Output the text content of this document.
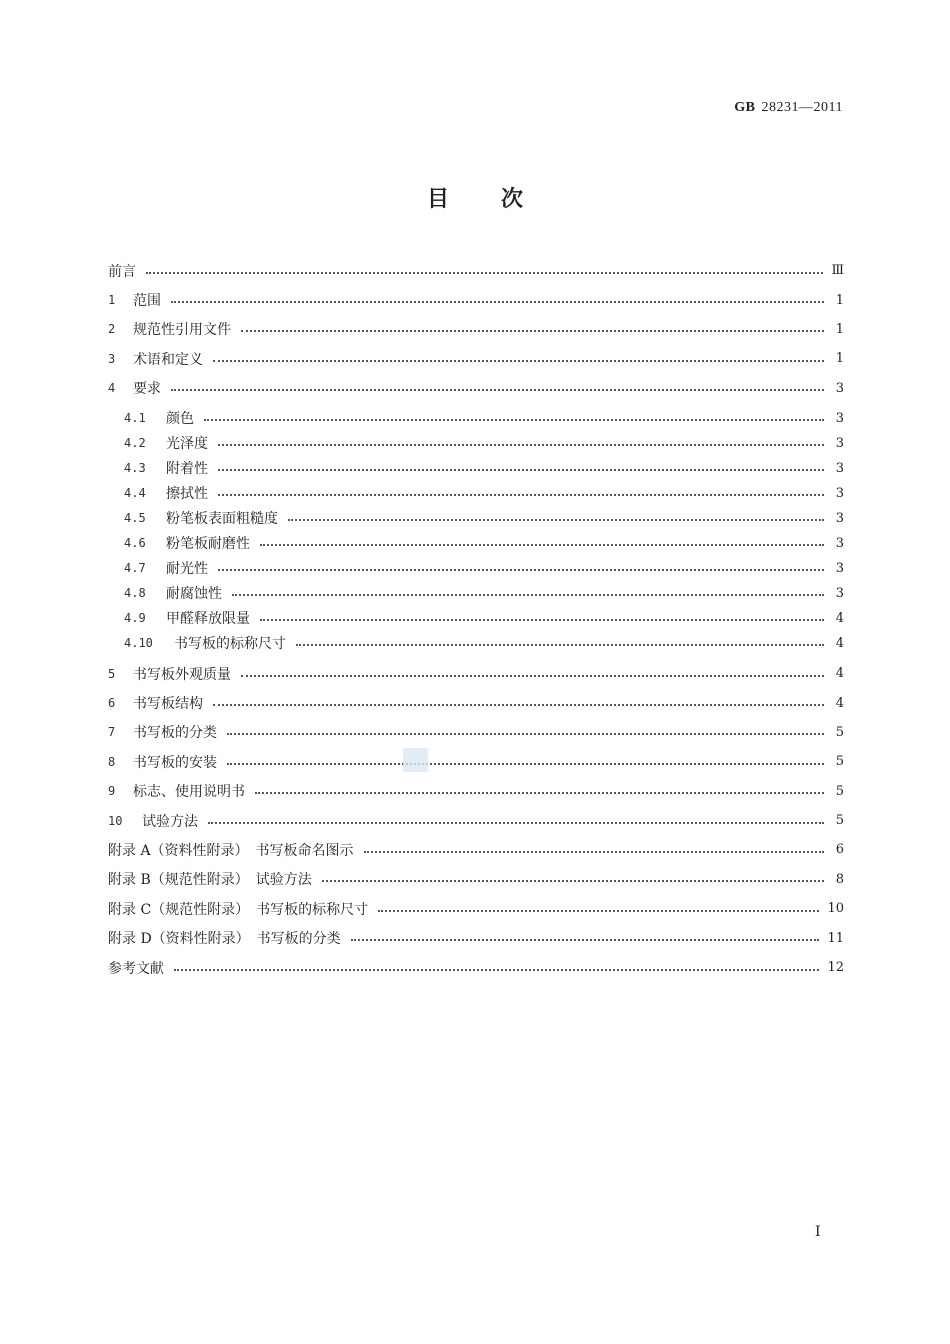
GB 28231—2011
目次
前言	Ⅲ
1	范围	1
2	规范性引用文件	1
3	术语和定义	1
4	要求	3
4.1	颜色	3
4.2	光泽度	3
4.3	附着性	3
4.4	擦拭性	3
4.5	粉笔板表面粗糙度	3
4.6	粉笔板耐磨性	3
4.7	耐光性	3
4.8	耐腐蚀性	3
4.9	甲醛释放限量	4
4.10	书写板的标称尺寸	4
5	书写板外观质量	4
6	书写板结构	4
7	书写板的分类	5
8	书写板的安装	5
9	标志、使用说明书	5
10	试验方法	5
附录 A（资料性附录）　书写板命名图示	6
附录 B（规范性附录）　试验方法	8
附录 C（规范性附录）　书写板的标称尺寸	10
附录 D（资料性附录）　书写板的分类	11
参考文献	12
I
